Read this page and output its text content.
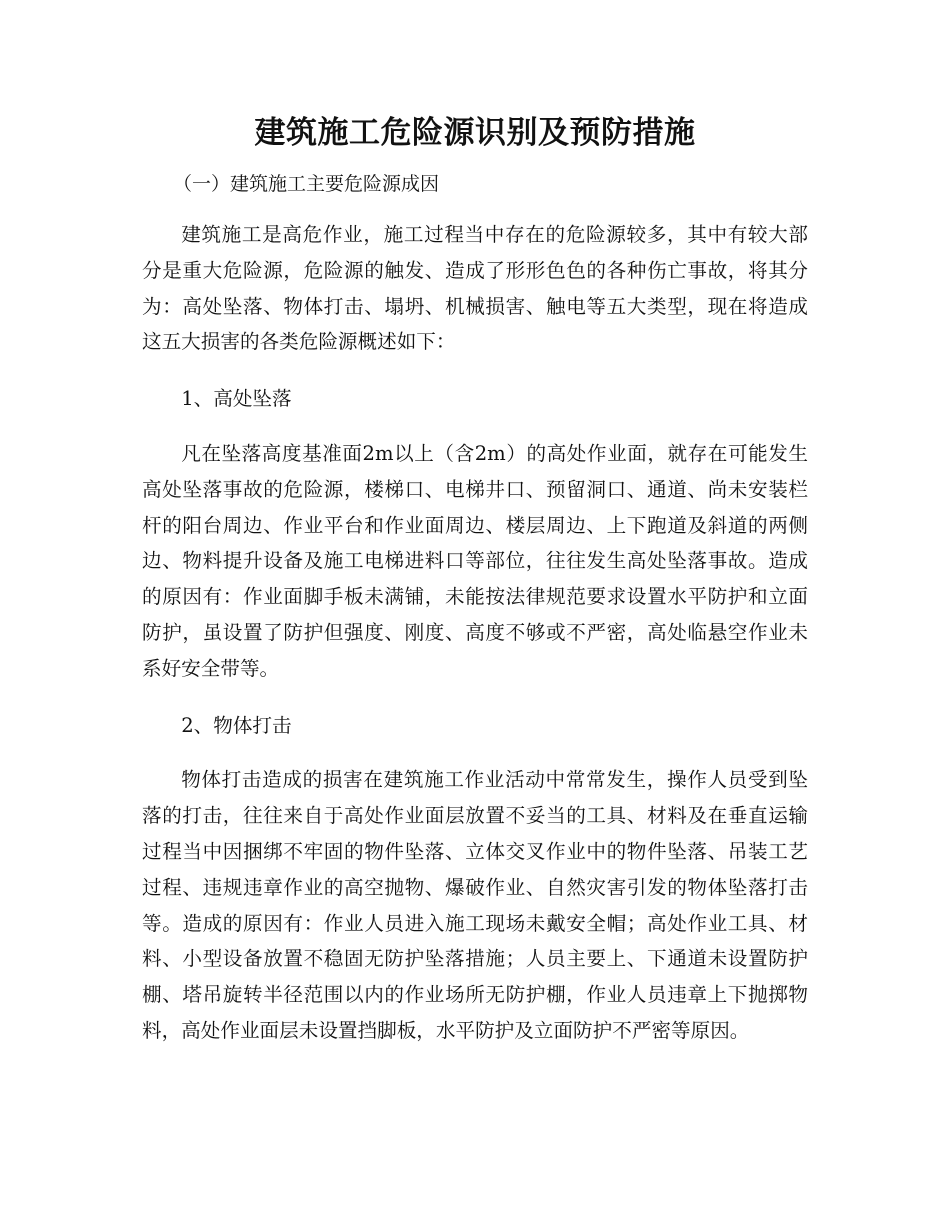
建筑施工危险源识别及预防措施

（一）建筑施工主要危险源成因

建筑施工是高危作业，施工过程当中存在的危险源较多，其中有较大部分是重大危险源，危险源的触发、造成了形形色色的各种伤亡事故，将其分为：高处坠落、物体打击、塌坍、机械损害、触电等五大类型，现在将造成这五大损害的各类危险源概述如下：

1、高处坠落

凡在坠落高度基准面2m以上（含2m）的高处作业面，就存在可能发生高处坠落事故的危险源，楼梯口、电梯井口、预留洞口、通道、尚未安装栏杆的阳台周边、作业平台和作业面周边、楼层周边、上下跑道及斜道的两侧边、物料提升设备及施工电梯进料口等部位，往往发生高处坠落事故。造成的原因有：作业面脚手板未满铺，未能按法律规范要求设置水平防护和立面防护，虽设置了防护但强度、刚度、高度不够或不严密，高处临悬空作业未系好安全带等。

2、物体打击

物体打击造成的损害在建筑施工作业活动中常常发生，操作人员受到坠落的打击，往往来自于高处作业面层放置不妥当的工具、材料及在垂直运输过程当中因捆绑不牢固的物件坠落、立体交叉作业中的物件坠落、吊装工艺过程、违规违章作业的高空抛物、爆破作业、自然灾害引发的物体坠落打击等。造成的原因有：作业人员进入施工现场未戴安全帽；高处作业工具、材料、小型设备放置不稳固无防护坠落措施；人员主要上、下通道未设置防护棚、塔吊旋转半径范围以内的作业场所无防护棚，作业人员违章上下抛掷物料，高处作业面层未设置挡脚板，水平防护及立面防护不严密等原因。
